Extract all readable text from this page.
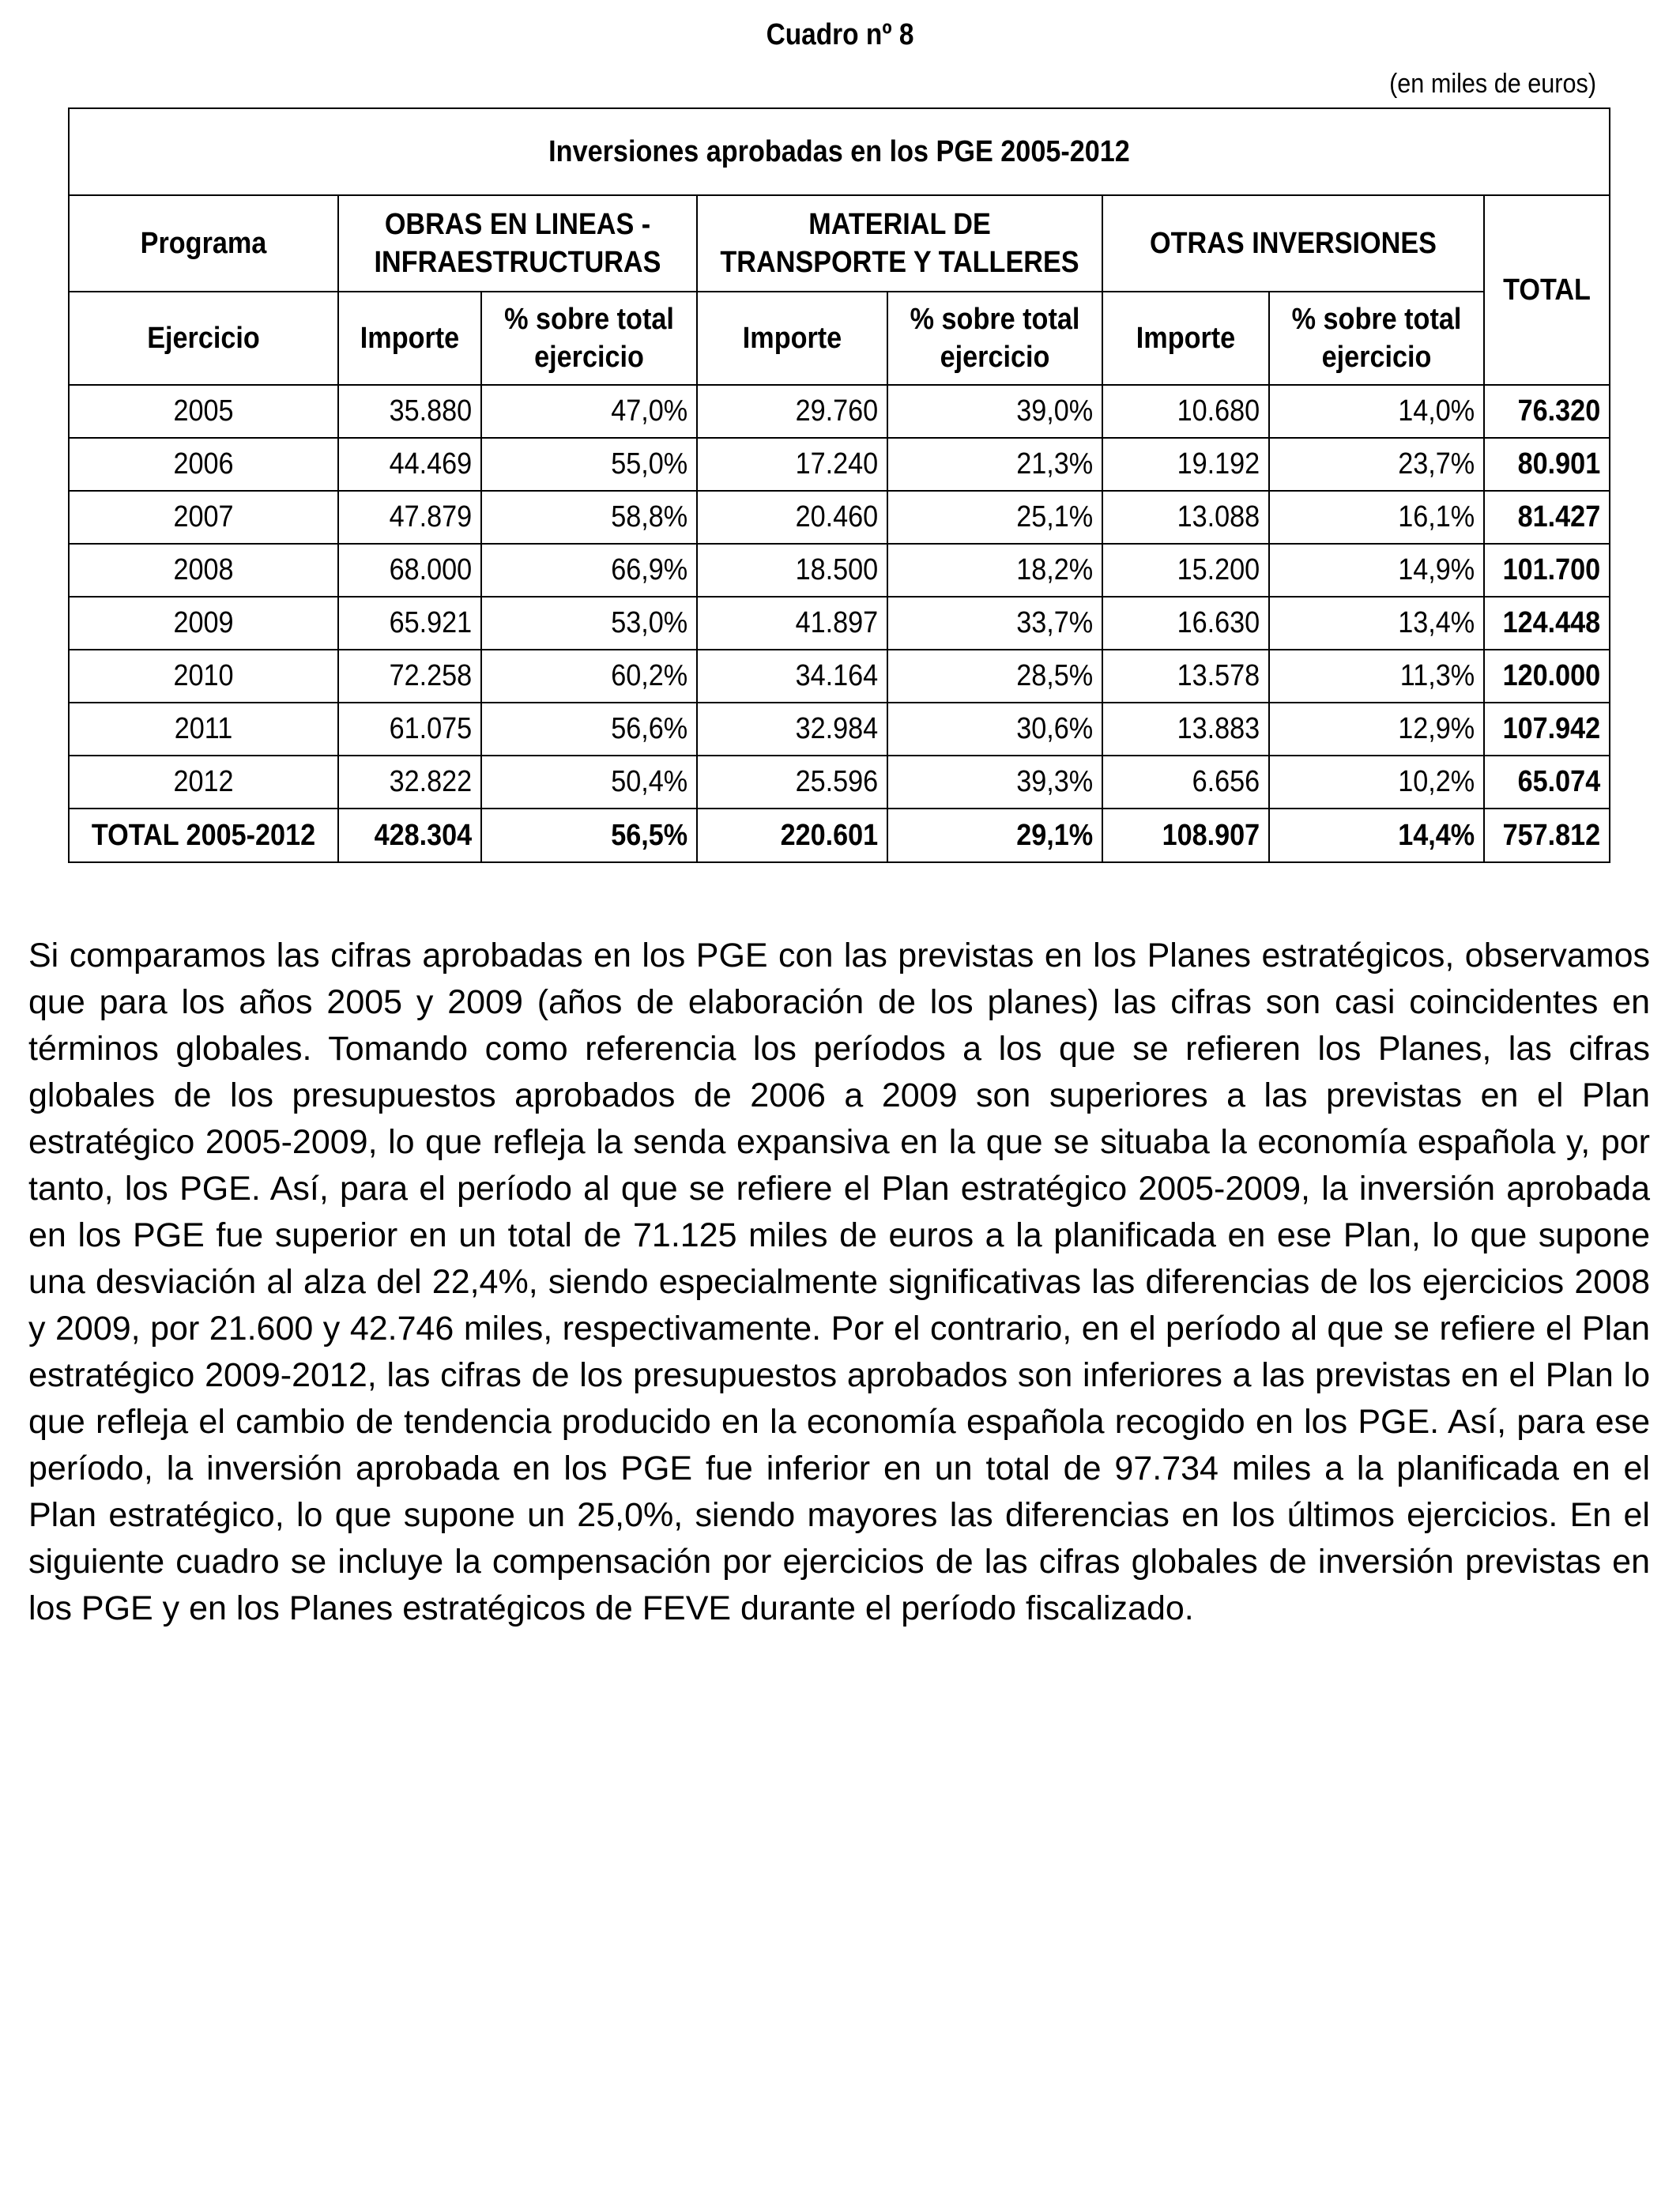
Cuadro nº 8
(en miles de euros)
Inversiones aprobadas en los PGE 2005-2012							

Programa	OBRAS EN LINEAS - INFRAESTRUCTURAS		MATERIAL DE TRANSPORTE Y TALLERES		OTRAS INVERSIONES		TOTAL

Ejercicio	Importe	% sobre total ejercicio	Importe	% sobre total ejercicio	Importe	% sobre total ejercicio	

2005	35.880	47,0%	29.760	39,0%	10.680	14,0%	76.320

2006	44.469	55,0%	17.240	21,3%	19.192	23,7%	80.901

2007	47.879	58,8%	20.460	25,1%	13.088	16,1%	81.427

2008	68.000	66,9%	18.500	18,2%	15.200	14,9%	101.700

2009	65.921	53,0%	41.897	33,7%	16.630	13,4%	124.448

2010	72.258	60,2%	34.164	28,5%	13.578	11,3%	120.000

2011	61.075	56,6%	32.984	30,6%	13.883	12,9%	107.942

2012	32.822	50,4%	25.596	39,3%	6.656	10,2%	65.074

TOTAL 2005-2012	428.304	56,5%	220.601	29,1%	108.907	14,4%	757.812
Si comparamos las cifras aprobadas en los PGE con las previstas en los Planes estratégicos, observamos que para los años 2005 y 2009 (años de elaboración de los planes) las cifras son casi coincidentes en términos globales. Tomando como referencia los períodos a los que se refieren los Planes, las cifras globales de los presupuestos aprobados de 2006 a 2009 son superiores a las previstas en el Plan estratégico 2005-2009, lo que refleja la senda expansiva en la que se situaba la economía española y, por tanto, los PGE. Así, para el período al que se refiere el Plan estratégico 2005-2009, la inversión aprobada en los PGE fue superior en un total de 71.125 miles de euros a la planificada en ese Plan, lo que supone una desviación al alza del 22,4%, siendo especialmente significativas las diferencias de los ejercicios 2008 y 2009, por 21.600 y 42.746 miles, respectivamente. Por el contrario, en el período al que se refiere el Plan estratégico 2009-2012, las cifras de los presupuestos aprobados son inferiores a las previstas en el Plan lo que refleja el cambio de tendencia producido en la economía española recogido en los PGE. Así, para ese período, la inversión aprobada en los PGE fue inferior en un total de 97.734 miles a la planificada en el Plan estratégico, lo que supone un 25,0%, siendo mayores las diferencias en los últimos ejercicios. En el siguiente cuadro se incluye la compensación por ejercicios de las cifras globales de inversión previstas en los PGE y en los Planes estratégicos de FEVE durante el período fiscalizado.
